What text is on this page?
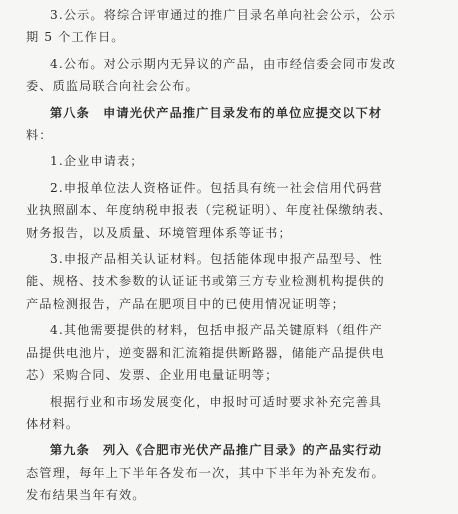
3.公示。将综合评审通过的推广目录名单向社会公示，公示

期 5 个工作日。

4.公布。对公示期内无异议的产品，由市经信委会同市发改

委、质监局联合向社会公布。

第八条　申请光伏产品推广目录发布的单位应提交以下材

料：

1.企业申请表；

2.申报单位法人资格证件。包括具有统一社会信用代码营

业执照副本、年度纳税申报表（完税证明）、年度社保缴纳表、

财务报告，以及质量、环境管理体系等证书；

3.申报产品相关认证材料。包括能体现申报产品型号、性

能、规格、技术参数的认证证书或第三方专业检测机构提供的

产品检测报告，产品在肥项目中的已使用情况证明等；

4.其他需要提供的材料，包括申报产品关键原料（组件产

品提供电池片，逆变器和汇流箱提供断路器，储能产品提供电

芯）采购合同、发票、企业用电量证明等；

根据行业和市场发展变化，申报时可适时要求补充完善具

体材料。

第九条　列入《合肥市光伏产品推广目录》的产品实行动

态管理，每年上下半年各发布一次，其中下半年为补充发布。

发布结果当年有效。
